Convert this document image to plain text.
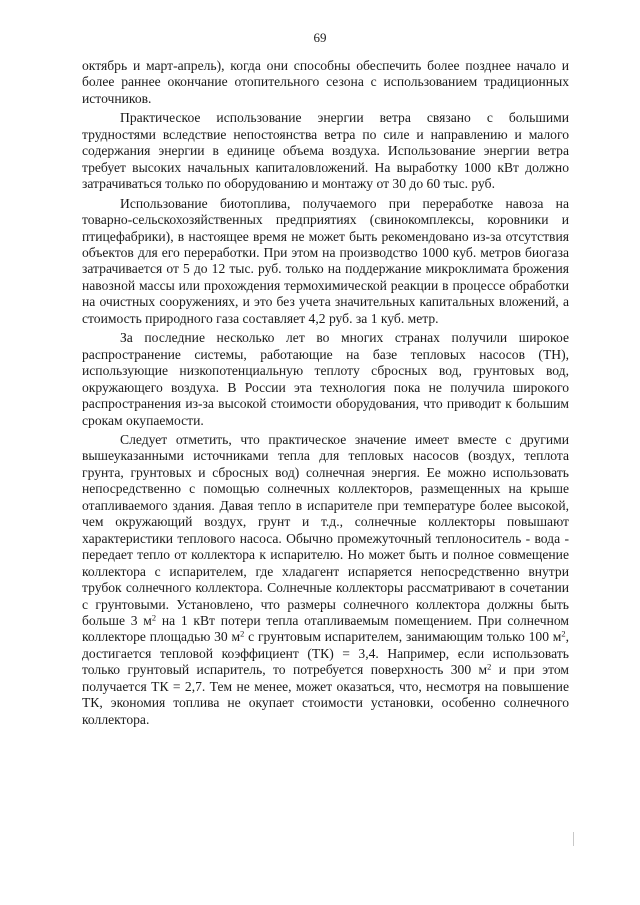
69

октябрь и март-апрель), когда они способны обеспечить более позднее начало и более раннее окончание отопительного сезона с использованием традиционных источников.

Практическое использование энергии ветра связано с большими трудностями вследствие непостоянства ветра по силе и направлению и малого содержания энергии в единице объема воздуха. Использование энергии ветра требует высоких начальных капиталовложений. На выработку 1000 кВт должно затрачиваться только по оборудованию и монтажу от 30 до 60 тыс. руб.

Использование биотоплива, получаемого при переработке навоза на товарно-сельскохозяйственных предприятиях (свинокомплексы, коровники и птицефабрики), в настоящее время не может быть рекомендовано из-за отсутствия объектов для его переработки. При этом на производство 1000 куб. метров биогаза затрачивается от 5 до 12 тыс. руб. только на поддержание микроклимата брожения навозной массы или прохождения термохимической реакции в процессе обработки на очистных сооружениях, и это без учета значительных капитальных вложений, а стоимость природного газа составляет 4,2 руб. за 1 куб. метр.

За последние несколько лет во многих странах получили широкое распространение системы, работающие на базе тепловых насосов (ТН), использующие низкопотенциальную теплоту сбросных вод, грунтовых вод, окружающего воздуха. В России эта технология пока не получила широкого распространения из-за высокой стоимости оборудования, что приводит к большим срокам окупаемости.

Следует отметить, что практическое значение имеет вместе с другими вышеуказанными источниками тепла для тепловых насосов (воздух, теплота грунта, грунтовых и сбросных вод) солнечная энергия. Ее можно использовать непосредственно с помощью солнечных коллекторов, размещенных на крыше отапливаемого здания. Давая тепло в испарителе при температуре более высокой, чем окружающий воздух, грунт и т.д., солнечные коллекторы повышают характеристики теплового насоса. Обычно промежуточный теплоноситель - вода - передает тепло от коллектора к испарителю. Но может быть и полное совмещение коллектора с испарителем, где хладагент испаряется непосредственно внутри трубок солнечного коллектора. Солнечные коллекторы рассматривают в сочетании с грунтовыми. Установлено, что размеры солнечного коллектора должны быть больше 3 $м^2$ на 1 кВт потери тепла отапливаемым помещением. При солнечном коллекторе площадью 30 $м^2$ с грунтовым испарителем, занимающим только 100 $м^2$, достигается тепловой коэффициент (ТК) = 3,4. Например, если использовать только грунтовый испаритель, то потребуется поверхность 300 $м^2$ и при этом получается ТК = 2,7. Тем не менее, может оказаться, что, несмотря на повышение ТК, экономия топлива не окупает стоимости установки, особенно солнечного коллектора.
